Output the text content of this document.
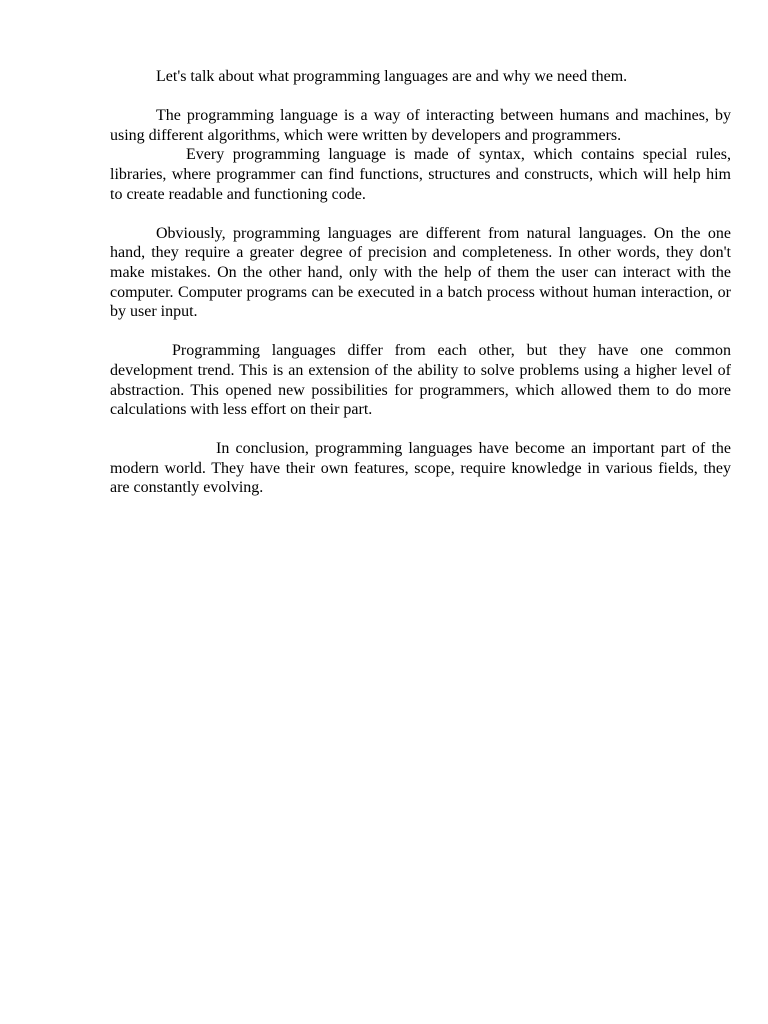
Let's talk about what programming languages are and why we need them.

The programming language is a way of interacting between humans and machines, by using different algorithms, which were written by developers and programmers.

Every programming language is made of syntax, which contains special rules, libraries, where programmer can find functions, structures and constructs, which will help him to create readable and functioning code.

Obviously, programming languages are different from natural languages. On the one hand, they require a greater degree of precision and completeness. In other words, they don't make mistakes. On the other hand, only with the help of them the user can interact with the computer. Computer programs can be executed in a batch process without human interaction, or by user input.

Programming languages differ from each other, but they have one common development trend. This is an extension of the ability to solve problems using a higher level of abstraction. This opened new possibilities for programmers, which allowed them to do more calculations with less effort on their part.

In conclusion, programming languages have become an important part of the modern world. They have their own features, scope, require knowledge in various fields, they are constantly evolving.
